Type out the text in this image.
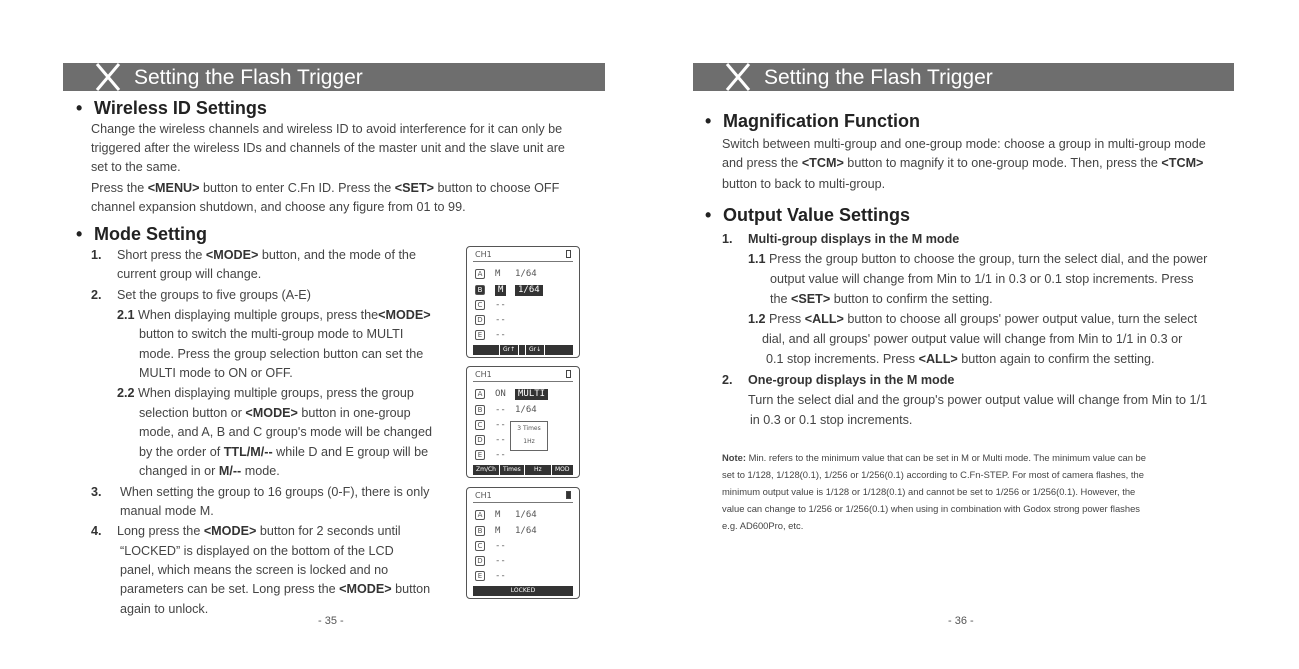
Setting the Flash Trigger
• Wireless ID Settings
Change the wireless channels and wireless ID to avoid interference for it can only be
triggered after the wireless IDs and channels of the master unit and the slave unit are
set to the same.
Press the <MENU> button to enter C.Fn ID. Press the <SET> button to choose OFF
channel expansion shutdown, and choose any figure from 01 to 99.
• Mode Setting
1. Short press the <MODE> button, and the mode of the
current group will change.
2. Set the groups to five groups (A-E)
2.1 When displaying multiple groups, press the<MODE>
button to switch the multi-group mode to MULTI
mode. Press the group selection button can set the
MULTI mode to ON or OFF.
2.2 When displaying multiple groups, press the group
selection button or <MODE> button in one-group
mode, and A, B and C group's mode will be changed
by the order of TTL/M/-- while D and E group will be
changed in or M/-- mode.
3. When setting the group to 16 groups (0-F), there is only
manual mode M.
4. Long press the <MODE> button for 2 seconds until
“LOCKED” is displayed on the bottom of the LCD
panel, which means the screen is locked and no
parameters can be set. Long press the <MODE> button
again to unlock.
CH1
A M 1/64
B	M	1/64
C --
D --
E --
Gr↑	Gr↓
CH1
A ON	MULTI
B -- 1/64
C --
D --
E --
3 Times
1Hz
Zm/Ch	Times	Hz	MOD
CH1
A M 1/64
B M 1/64
C --
D --
E --
LOCKED
- 35 -
Setting the Flash Trigger
• Magnification Function
Switch between multi-group and one-group mode: choose a group in multi-group mode
and press the <TCM> button to magnify it to one-group mode. Then, press the <TCM>
button to back to multi-group.
• Output Value Settings
1. Multi-group displays in the M mode
1.1 Press the group button to choose the group, turn the select dial, and the power
output value will change from Min to 1/1 in 0.3 or 0.1 stop increments. Press
the <SET> button to confirm the setting.
1.2 Press <ALL> button to choose all groups' power output value, turn the select
dial, and all groups' power output value will change from Min to 1/1 in 0.3 or
0.1 stop increments. Press <ALL> button again to confirm the setting.
2. One-group displays in the M mode
Turn the select dial and the group's power output value will change from Min to 1/1
in 0.3 or 0.1 stop increments.
Note: Min. refers to the minimum value that can be set in M or Multi mode. The minimum value can be
set to 1/128, 1/128(0.1), 1/256 or 1/256(0.1) according to C.Fn-STEP. For most of camera flashes, the
minimum output value is 1/128 or 1/128(0.1) and cannot be set to 1/256 or 1/256(0.1). However, the
value can change to 1/256 or 1/256(0.1) when using in combination with Godox strong power flashes
e.g. AD600Pro, etc.
- 36 -
